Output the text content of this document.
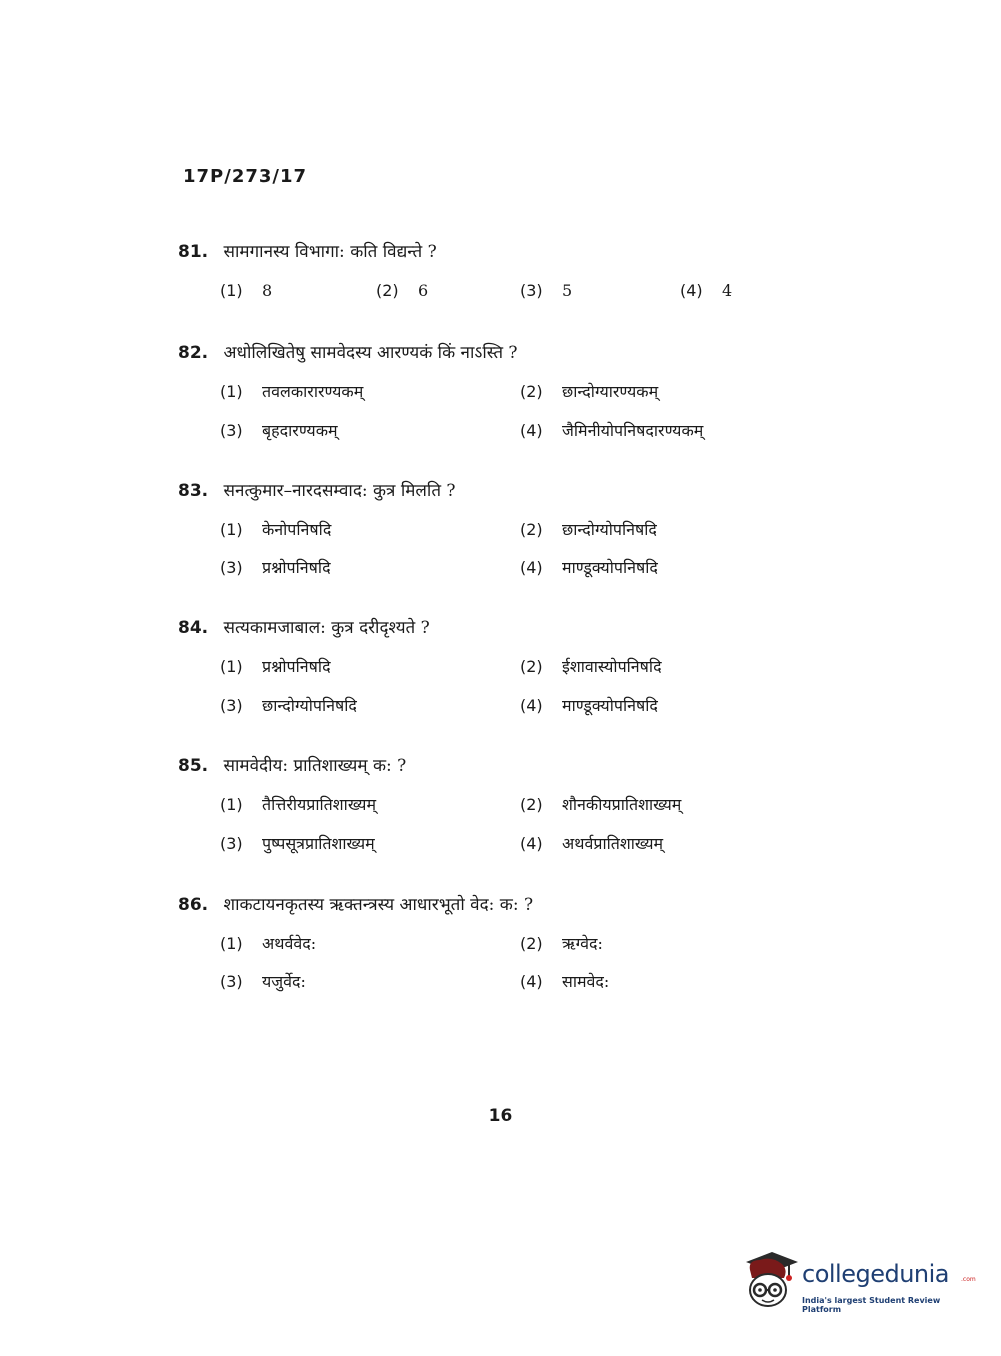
17P/273/17
81. सामगानस्य विभागा: कति विद्यन्ते ?
(1) 8	(2) 6	(3) 5	(4) 4
82. अधोलिखितेषु सामवेदस्य आरण्यकं किं नाऽस्ति ?
(1) तवलकारारण्यकम्	(2) छान्दोग्यारण्यकम्
(3) बृहदारण्यकम्	(4) जैमिनीयोपनिषदारण्यकम्
83. सनत्कुमार–नारदसम्वाद: कुत्र मिलति ?
(1) केनोपनिषदि	(2) छान्दोग्योपनिषदि
(3) प्रश्नोपनिषदि	(4) माण्डूक्योपनिषदि
84. सत्यकामजाबाल: कुत्र दरीदृश्यते ?
(1) प्रश्नोपनिषदि	(2) ईशावास्योपनिषदि
(3) छान्दोग्योपनिषदि	(4) माण्डूक्योपनिषदि
85. सामवेदीय: प्रातिशाख्यम् क: ?
(1) तैत्तिरीयप्रातिशाख्यम्	(2) शौनकीयप्रातिशाख्यम्
(3) पुष्पसूत्रप्रातिशाख्यम्	(4) अथर्वप्रातिशाख्यम्
86. शाकटायनकृतस्य ऋक्तन्त्रस्य आधारभूतो वेद: क: ?
(1) अथर्ववेद:	(2) ऋग्वेद:
(3) यजुर्वेद:	(4) सामवेद:
16
collegedunia .com
India's largest Student Review Platform
